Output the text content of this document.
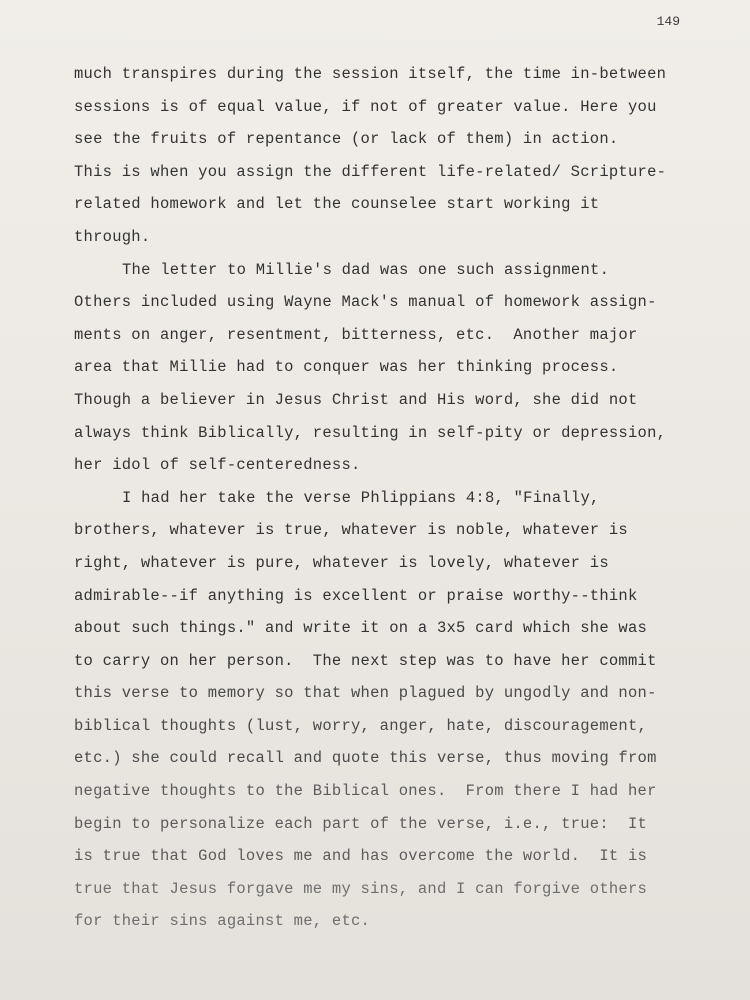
149
much transpires during the session itself, the time in-between
sessions is of equal value, if not of greater value. Here you
see the fruits of repentance (or lack of them) in action.
This is when you assign the different life-related/ Scripture-
related homework and let the counselee start working it
through.
The letter to Millie's dad was one such assignment.
Others included using Wayne Mack's manual of homework assign-
ments on anger, resentment, bitterness, etc.  Another major
area that Millie had to conquer was her thinking process.
Though a believer in Jesus Christ and His word, she did not
always think Biblically, resulting in self-pity or depression,
her idol of self-centeredness.
I had her take the verse Phlippians 4:8, "Finally,
brothers, whatever is true, whatever is noble, whatever is
right, whatever is pure, whatever is lovely, whatever is
admirable--if anything is excellent or praise worthy--think
about such things." and write it on a 3x5 card which she was
to carry on her person.  The next step was to have her commit
this verse to memory so that when plagued by ungodly and non-
biblical thoughts (lust, worry, anger, hate, discouragement,
etc.) she could recall and quote this verse, thus moving from
negative thoughts to the Biblical ones.  From there I had her
begin to personalize each part of the verse, i.e., true:  It
is true that God loves me and has overcome the world.  It is
true that Jesus forgave me my sins, and I can forgive others
for their sins against me, etc.
